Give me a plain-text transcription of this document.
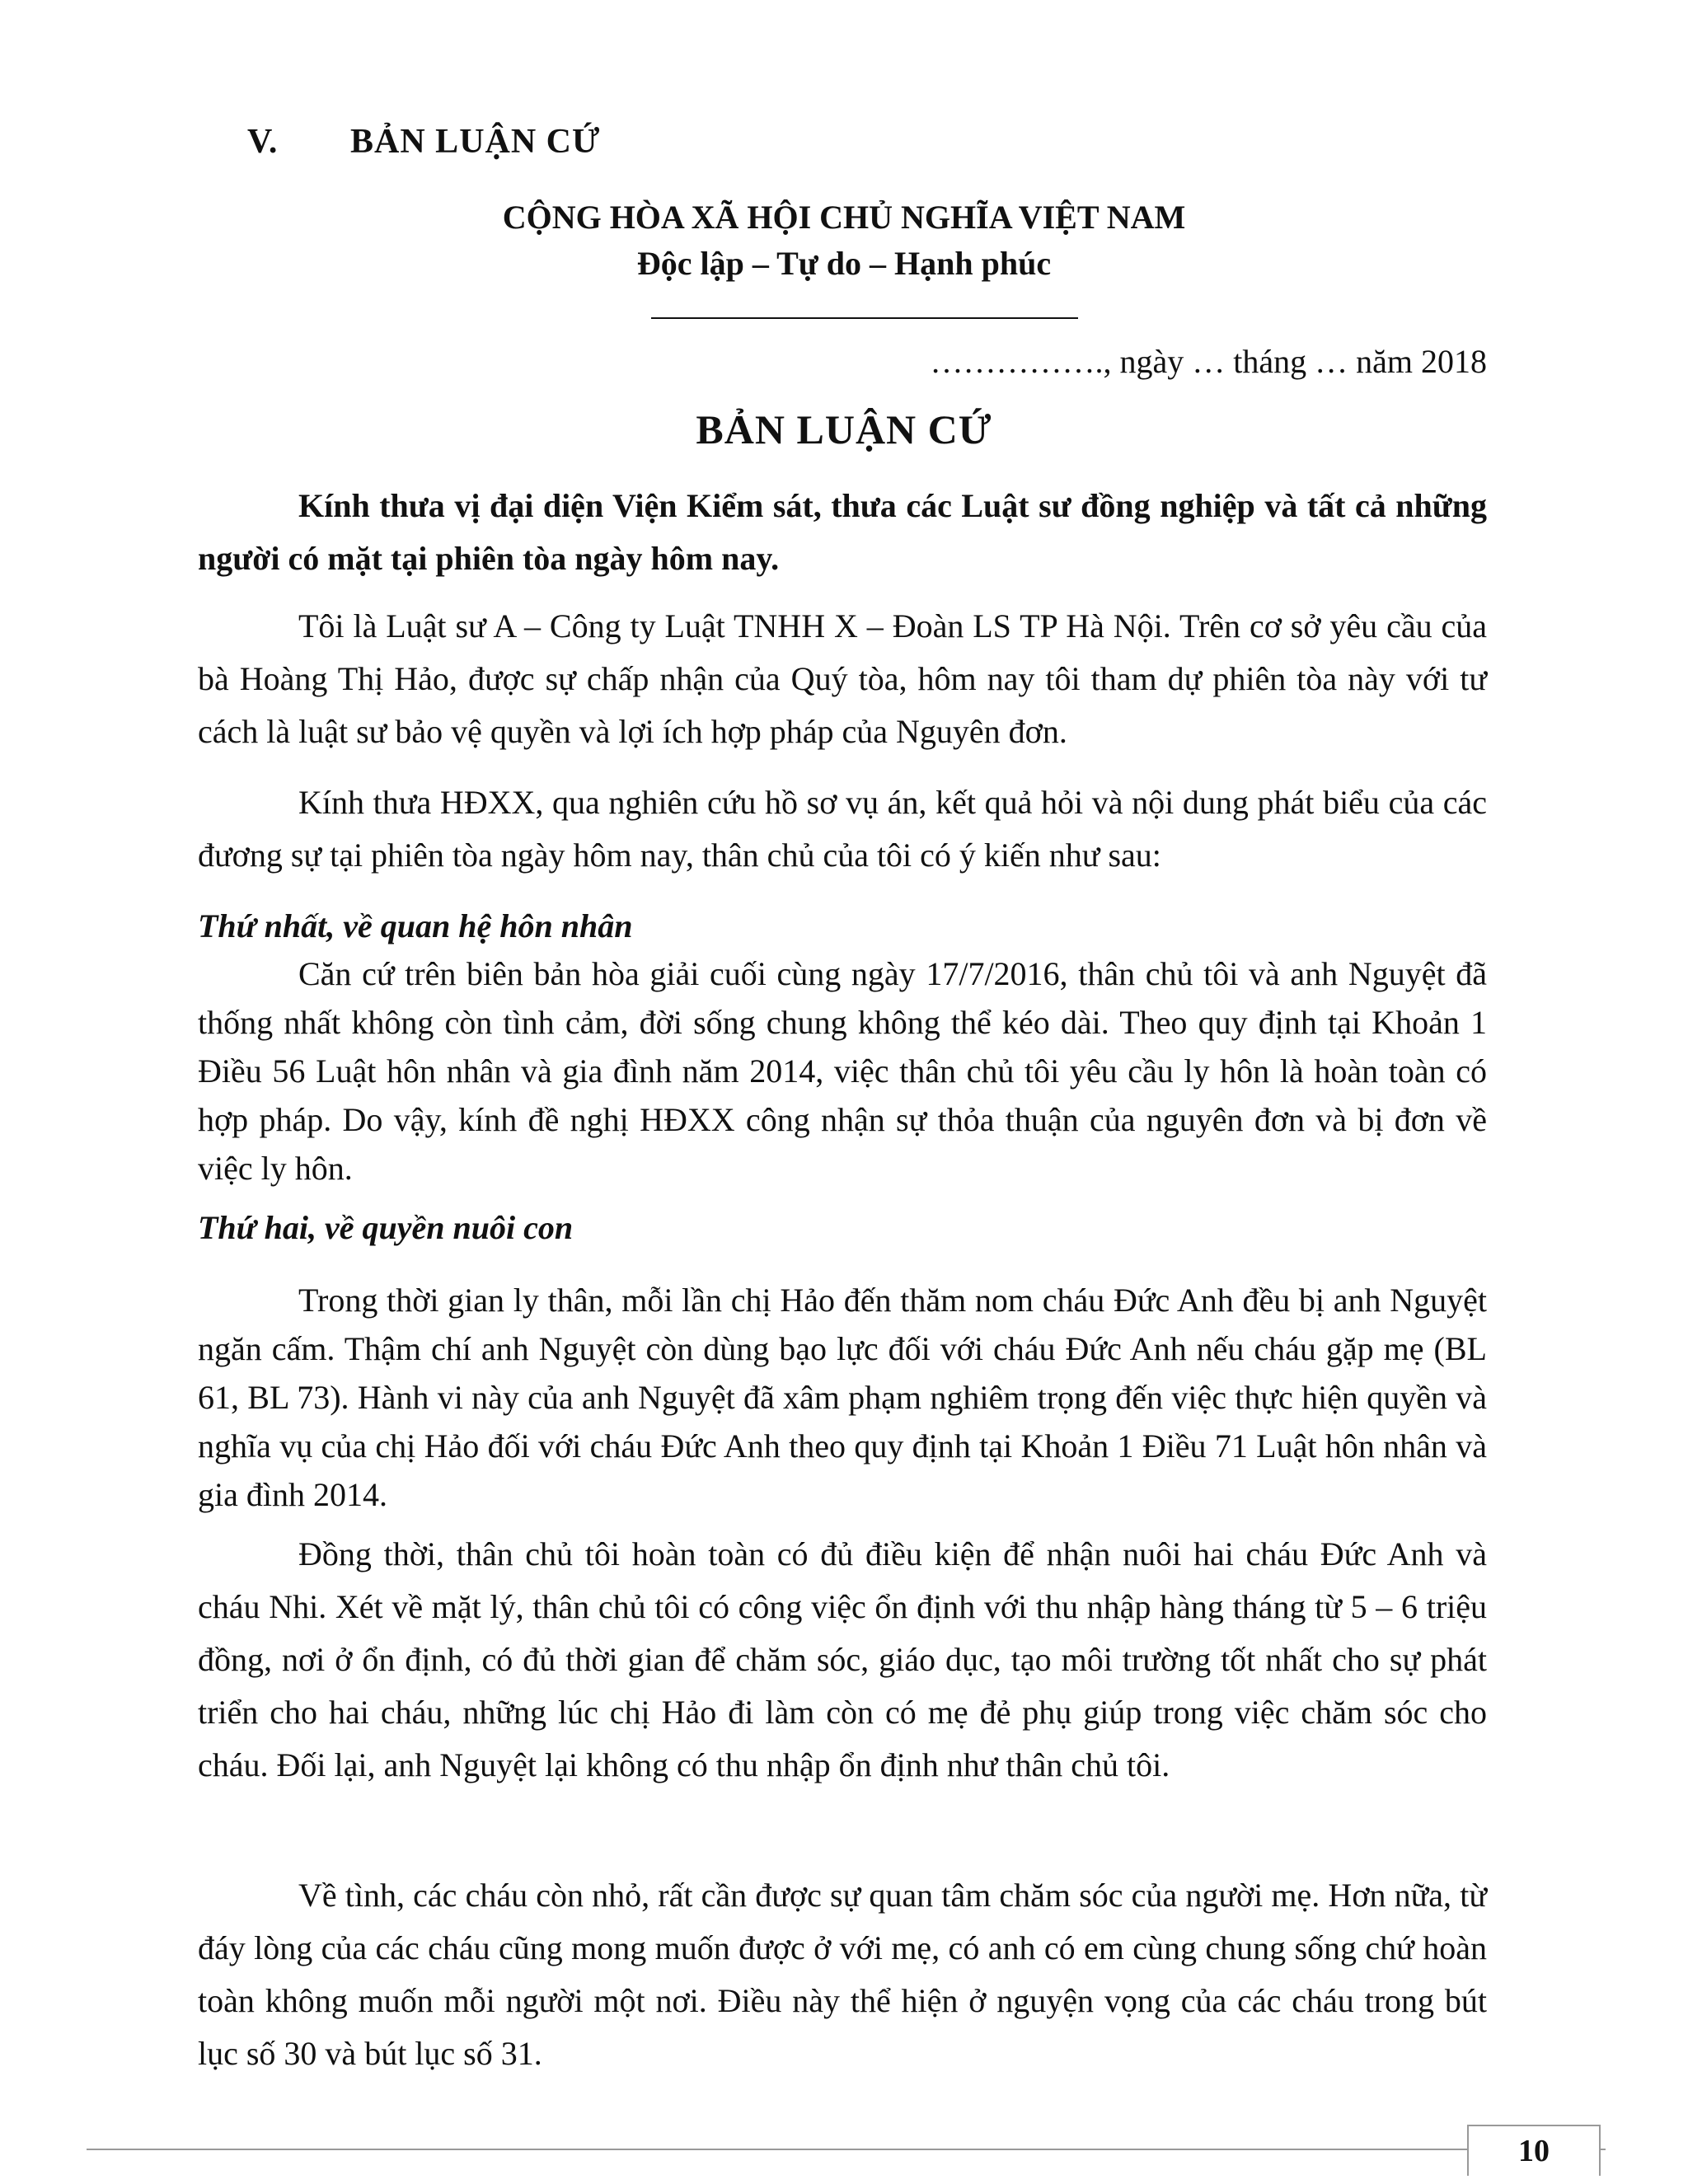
V. BẢN LUẬN CỨ
CỘNG HÒA XÃ HỘI CHỦ NGHĨA VIỆT NAM
Độc lập – Tự do – Hạnh phúc
……………., ngày … tháng … năm 2018
BẢN LUẬN CỨ

Kính thưa vị đại diện Viện Kiểm sát, thưa các Luật sư đồng nghiệp và tất cả những người có mặt tại phiên tòa ngày hôm nay.

Tôi là Luật sư A – Công ty Luật TNHH X – Đoàn LS TP Hà Nội. Trên cơ sở yêu cầu của bà Hoàng Thị Hảo, được sự chấp nhận của Quý tòa, hôm nay tôi tham dự phiên tòa này với tư cách là luật sư bảo vệ quyền và lợi ích hợp pháp của Nguyên đơn.

Kính thưa HĐXX, qua nghiên cứu hồ sơ vụ án, kết quả hỏi và nội dung phát biểu của các đương sự tại phiên tòa ngày hôm nay, thân chủ của tôi có ý kiến như sau:

Thứ nhất, về quan hệ hôn nhân

Căn cứ trên biên bản hòa giải cuối cùng ngày 17/7/2016, thân chủ tôi và anh Nguyệt đã thống nhất không còn tình cảm, đời sống chung không thể kéo dài. Theo quy định tại Khoản 1 Điều 56 Luật hôn nhân và gia đình năm 2014, việc thân chủ tôi yêu cầu ly hôn là hoàn toàn có hợp pháp. Do vậy, kính đề nghị HĐXX công nhận sự thỏa thuận của nguyên đơn và bị đơn về việc ly hôn.

Thứ hai, về quyền nuôi con

Trong thời gian ly thân, mỗi lần chị Hảo đến thăm nom cháu Đức Anh đều bị anh Nguyệt ngăn cấm. Thậm chí anh Nguyệt còn dùng bạo lực đối với cháu Đức Anh nếu cháu gặp mẹ (BL 61, BL 73). Hành vi này của anh Nguyệt đã xâm phạm nghiêm trọng đến việc thực hiện quyền và nghĩa vụ của chị Hảo đối với cháu Đức Anh theo quy định tại Khoản 1 Điều 71 Luật hôn nhân và gia đình 2014.

Đồng thời, thân chủ tôi hoàn toàn có đủ điều kiện để nhận nuôi hai cháu Đức Anh và cháu Nhi. Xét về mặt lý, thân chủ tôi có công việc ổn định với thu nhập hàng tháng từ 5 – 6 triệu đồng, nơi ở ổn định, có đủ thời gian để chăm sóc, giáo dục, tạo môi trường tốt nhất cho sự phát triển cho hai cháu, những lúc chị Hảo đi làm còn có mẹ đẻ phụ giúp trong việc chăm sóc cho cháu. Đối lại, anh Nguyệt lại không có thu nhập ổn định như thân chủ tôi.

Về tình, các cháu còn nhỏ, rất cần được sự quan tâm chăm sóc của người mẹ. Hơn nữa, từ đáy lòng của các cháu cũng mong muốn được ở với mẹ, có anh có em cùng chung sống chứ hoàn toàn không muốn mỗi người một nơi. Điều này thể hiện ở nguyện vọng của các cháu trong bút lục số 30 và bút lục số 31.

10
